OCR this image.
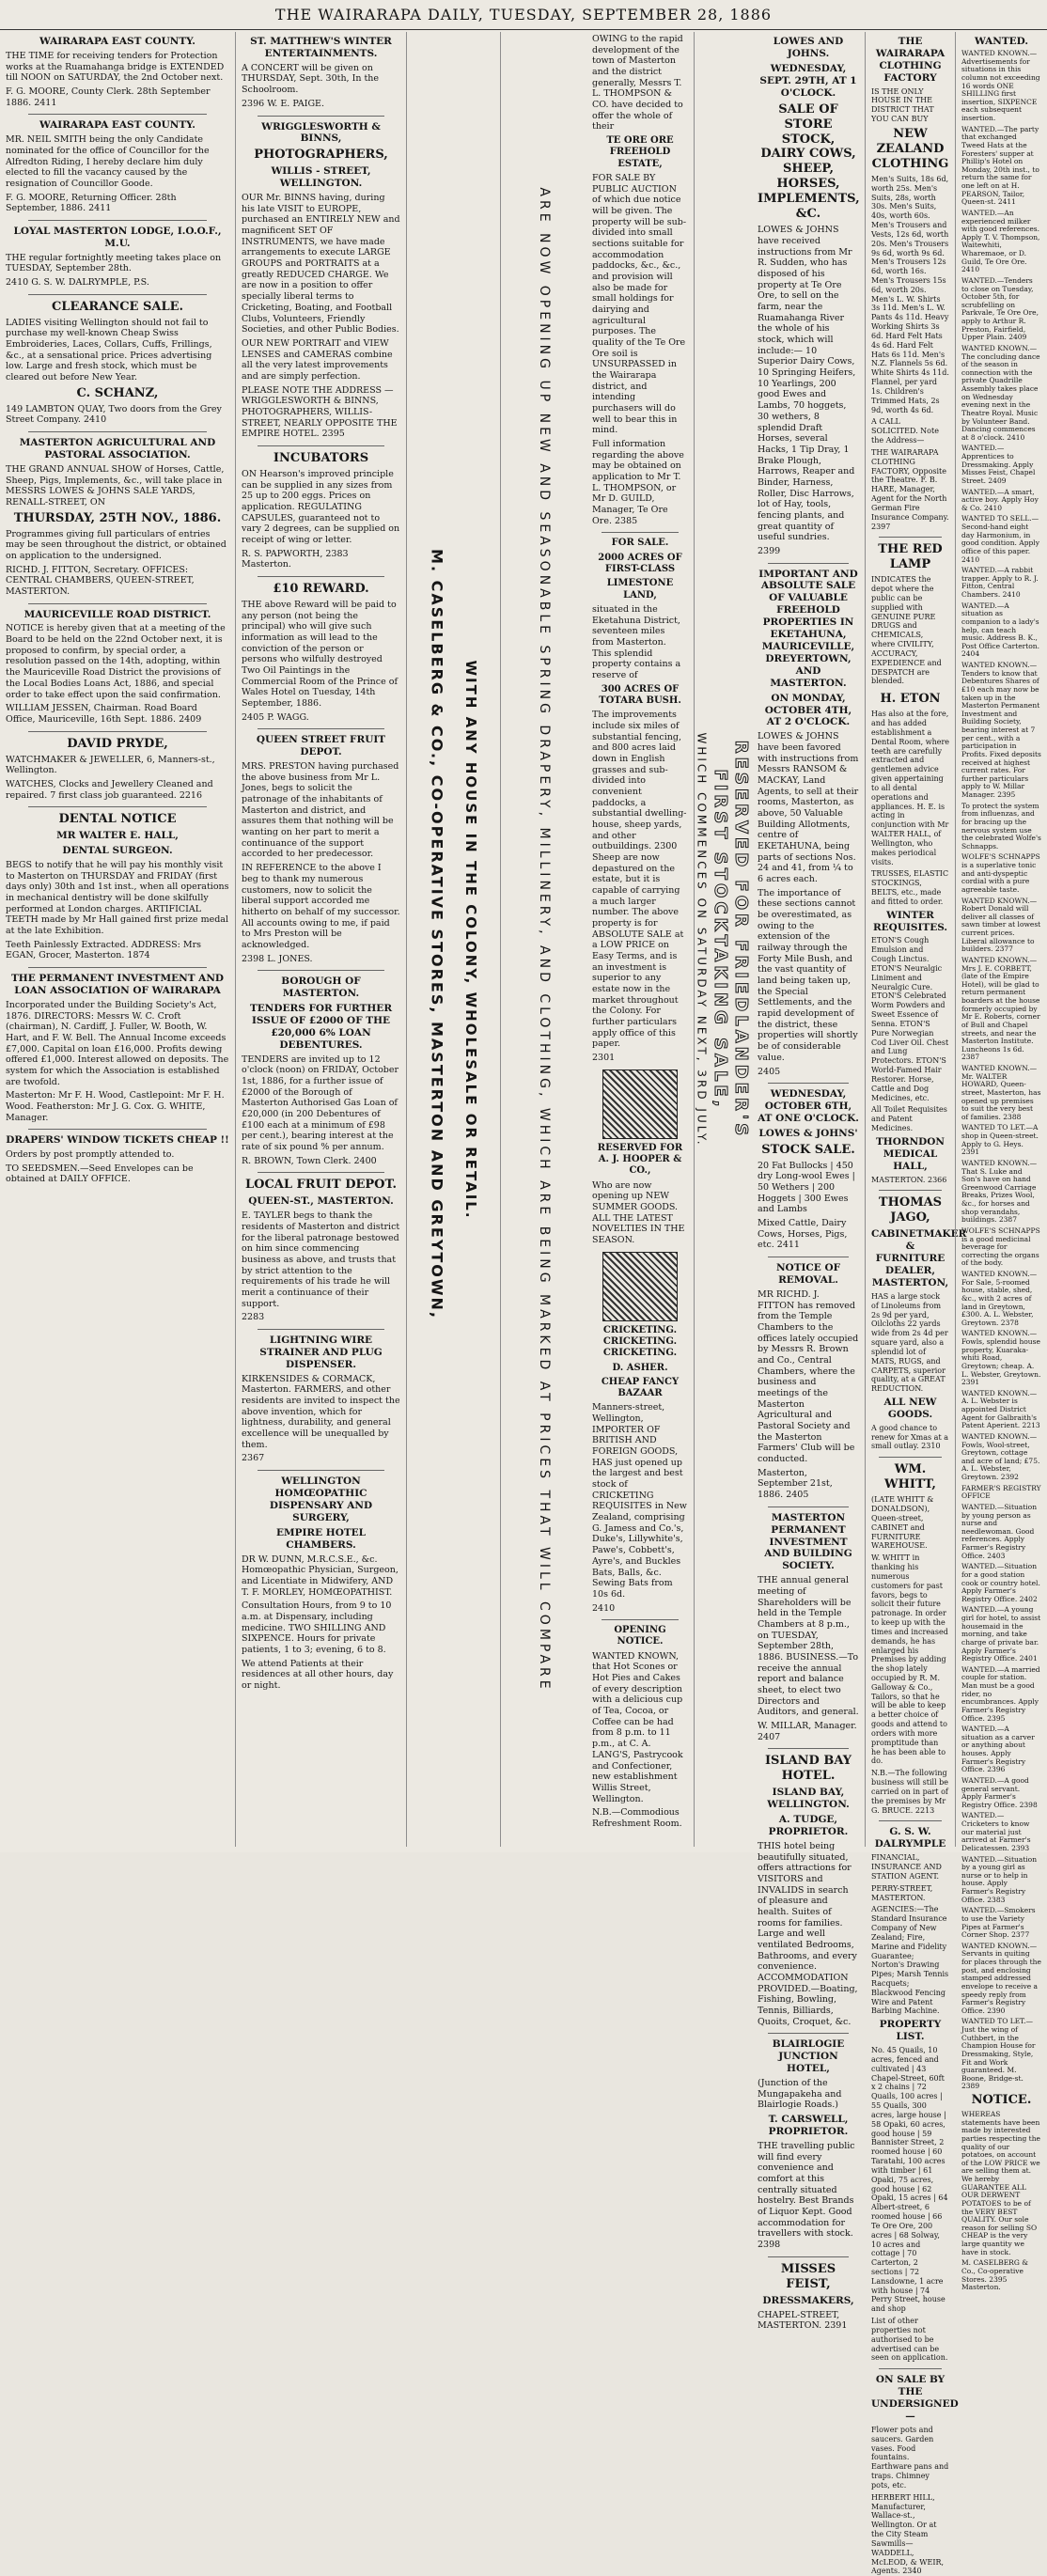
THE WAIRARAPA DAILY, TUESDAY, SEPTEMBER 28, 1886
WAIRARAPA EAST COUNTY.

THE TIME for receiving tenders for Protection works at the Ruamahanga bridge is EXTENDED till NOON on SATURDAY, the 2nd October next.

F. G. MOORE, County Clerk. 28th September 1886. 2411

WAIRARAPA EAST COUNTY.

MR. NEIL SMITH being the only Candidate nominated for the office of Councillor for the Alfredton Riding, I hereby declare him duly elected to fill the vacancy caused by the resignation of Councillor Goode.

F. G. MOORE, Returning Officer. 28th September, 1886. 2411

LOYAL MASTERTON LODGE, I.O.O.F., M.U.

THE regular fortnightly meeting takes place on TUESDAY, September 28th.

2410 G. S. W. DALRYMPLE, P.S.

CLEARANCE SALE.

LADIES visiting Wellington should not fail to purchase my well-known Cheap Swiss Embroideries, Laces, Collars, Cuffs, Frillings, &c., at a sensational price. Prices advertising low. Large and fresh stock, which must be cleared out before New Year.

C. SCHANZ,

149 LAMBTON QUAY, Two doors from the Grey Street Company. 2410

MASTERTON AGRICULTURAL AND PASTORAL ASSOCIATION.

THE GRAND ANNUAL SHOW of Horses, Cattle, Sheep, Pigs, Implements, &c., will take place in MESSRS LOWES & JOHNS SALE YARDS, RENALL-STREET, ON

THURSDAY, 25TH NOV., 1886.

Programmes giving full particulars of entries may be seen throughout the district, or obtained on application to the undersigned.

RICHD. J. FITTON, Secretary. OFFICES: CENTRAL CHAMBERS, QUEEN-STREET, MASTERTON.

MAURICEVILLE ROAD DISTRICT.

NOTICE is hereby given that at a meeting of the Board to be held on the 22nd October next, it is proposed to confirm, by special order, a resolution passed on the 14th, adopting, within the Mauriceville Road District the provisions of the Local Bodies Loans Act, 1886, and special order to take effect upon the said confirmation.

WILLIAM JESSEN, Chairman. Road Board Office, Mauriceville, 16th Sept. 1886. 2409

DAVID PRYDE,

WATCHMAKER & JEWELLER, 6, Manners-st., Wellington.

WATCHES, Clocks and Jewellery Cleaned and repaired. 7 first class job guaranteed. 2216

DENTAL NOTICE
MR WALTER E. HALL,
DENTAL SURGEON.

BEGS to notify that he will pay his monthly visit to Masterton on THURSDAY and FRIDAY (first days only) 30th and 1st inst., when all operations in mechanical dentistry will be done skilfully performed at London charges. ARTIFICIAL TEETH made by Mr Hall gained first prize medal at the late Exhibition.

Teeth Painlessly Extracted. ADDRESS: Mrs EGAN, Grocer, Masterton. 1874

THE PERMANENT INVESTMENT AND LOAN ASSOCIATION OF WAIRARAPA

Incorporated under the Building Society's Act, 1876. DIRECTORS: Messrs W. C. Croft (chairman), N. Cardiff, J. Fuller, W. Booth, W. Hart, and F. W. Bell. The Annual Income exceeds £7,000. Capital on loan £16,000. Profits dewing offered £1,000. Interest allowed on deposits. The system for which the Association is established are twofold.

Masterton: Mr F. H. Wood, Castlepoint: Mr F. H. Wood. Featherston: Mr J. G. Cox. G. WHITE, Manager.

DRAPERS' WINDOW TICKETS CHEAP !!

Orders by post promptly attended to.

TO SEEDSMEN.—Seed Envelopes can be obtained at DAILY OFFICE.

ST. MATTHEW'S WINTER ENTERTAINMENTS.

A CONCERT will be given on THURSDAY, Sept. 30th, In the Schoolroom.

2396 W. E. PAIGE.

WRIGGLESWORTH & BINNS,
PHOTOGRAPHERS,
WILLIS - STREET, WELLINGTON.

OUR Mr. BINNS having, during his late VISIT to EUROPE, purchased an ENTIRELY NEW and magnificent SET OF INSTRUMENTS, we have made arrangements to execute LARGE GROUPS and PORTRAITS at a greatly REDUCED CHARGE. We are now in a position to offer specially liberal terms to Cricketing, Boating, and Football Clubs, Volunteers, Friendly Societies, and other Public Bodies.

OUR NEW PORTRAIT and VIEW LENSES and CAMERAS combine all the very latest improvements and are simply perfection.

PLEASE NOTE THE ADDRESS — WRIGGLESWORTH & BINNS, PHOTOGRAPHERS, WILLIS-STREET, NEARLY OPPOSITE THE EMPIRE HOTEL. 2395

INCUBATORS

ON Hearson's improved principle can be supplied in any sizes from 25 up to 200 eggs. Prices on application. REGULATING CAPSULES, guaranteed not to vary 2 degrees, can be supplied on receipt of wing or letter.

R. S. PAPWORTH, 2383 Masterton.

£10 REWARD.

THE above Reward will be paid to any person (not being the principal) who will give such information as will lead to the conviction of the person or persons who wilfully destroyed Two Oil Paintings in the Commercial Room of the Prince of Wales Hotel on Tuesday, 14th September, 1886.

2405 P. WAGG.

QUEEN STREET FRUIT DEPOT.

MRS. PRESTON having purchased the above business from Mr L. Jones, begs to solicit the patronage of the inhabitants of Masterton and district, and assures them that nothing will be wanting on her part to merit a continuance of the support accorded to her predecessor.

IN REFERENCE to the above I beg to thank my numerous customers, now to solicit the liberal support accorded me hitherto on behalf of my successor. All accounts owing to me, if paid to Mrs Preston will be acknowledged.

2398 L. JONES.

BOROUGH OF MASTERTON.
TENDERS FOR FURTHER ISSUE OF £2000 OF THE £20,000 6% LOAN DEBENTURES.

TENDERS are invited up to 12 o'clock (noon) on FRIDAY, October 1st, 1886, for a further issue of £2000 of the Borough of Masterton Authorised Gas Loan of £20,000 (in 200 Debentures of £100 each at a minimum of £98 per cent.), bearing interest at the rate of six pound % per annum.

R. BROWN, Town Clerk. 2400

LOCAL FRUIT DEPOT.
QUEEN-ST., MASTERTON.

E. TAYLER begs to thank the residents of Masterton and district for the liberal patronage bestowed on him since commencing business as above, and trusts that by strict attention to the requirements of his trade he will merit a continuance of their support.

2283

LIGHTNING WIRE STRAINER AND PLUG DISPENSER.

KIRKENSIDES & CORMACK, Masterton. FARMERS, and other residents are invited to inspect the above invention, which for lightness, durability, and general excellence will be unequalled by them.

2367

WELLINGTON HOMŒOPATHIC DISPENSARY AND SURGERY,
EMPIRE HOTEL CHAMBERS.

DR W. DUNN, M.R.C.S.E., &c. Homœopathic Physician, Surgeon, and Licentiate in Midwifery, AND T. F. MORLEY, HOMŒOPATHIST.

Consultation Hours, from 9 to 10 a.m. at Dispensary, including medicine. TWO SHILLING AND SIXPENCE. Hours for private patients, 1 to 3; evening, 6 to 8.

We attend Patients at their residences at all other hours, day or night.

M. CASELBERG & CO., CO-OPERATIVE STORES, MASTERTON AND GREYTOWN, WITH ANY HOUSE IN THE COLONY, WHOLESALE OR RETAIL.	ARE NOW OPENING UP NEW AND SEASONABLE SPRING DRAPERY, MILLINERY, AND CLOTHING, WHICH ARE BEING MARKED AT PRICES THAT WILL COMPARE

OWING to the rapid development of the town of Masterton and the district generally, Messrs T. L. THOMPSON & CO. have decided to offer the whole of their

TE ORE ORE FREEHOLD ESTATE,

FOR SALE BY PUBLIC AUCTION of which due notice will be given. The property will be sub-divided into small sections suitable for accommodation paddocks, &c., &c., and provision will also be made for small holdings for dairying and agricultural purposes. The quality of the Te Ore Ore soil is UNSURPASSED in the Wairarapa district, and intending purchasers will do well to bear this in mind.

Full information regarding the above may be obtained on application to Mr T. L. THOMPSON, or Mr D. GUILD, Manager, Te Ore Ore. 2385

FOR SALE.
2000 ACRES OF FIRST-CLASS
LIMESTONE LAND,

situated in the Eketahuna District, seventeen miles from Masterton. This splendid property contains a reserve of

300 ACRES OF TOTARA BUSH.

The improvements include six miles of substantial fencing, and 800 acres laid down in English grasses and sub-divided into convenient paddocks, a substantial dwelling-house, sheep yards, and other outbuildings. 2300 Sheep are now depastured on the estate, but it is capable of carrying a much larger number. The above property is for ABSOLUTE SALE at a LOW PRICE on Easy Terms, and is an investment is superior to any estate now in the market throughout the Colony. For further particulars apply office of this paper.

2301

RESERVED FOR A. J. HOOPER & CO.,

Who are now opening up NEW SUMMER GOODS. ALL THE LATEST NOVELTIES IN THE SEASON.

CRICKETING. CRICKETING. CRICKETING.
D. ASHER.
CHEAP FANCY BAZAAR

Manners-street, Wellington, IMPORTER OF BRITISH AND FOREIGN GOODS, HAS just opened up the largest and best stock of CRICKETING REQUISITES in New Zealand, comprising G. Jamess and Co.'s, Duke's, Lillywhite's, Pawe's, Cobbett's, Ayre's, and Buckles Bats, Balls, &c. Sewing Bats from 10s 6d.

2410

OPENING NOTICE.

WANTED KNOWN, that Hot Scones or Hot Pies and Cakes of every description with a delicious cup of Tea, Cocoa, or Coffee can be had from 8 p.m. to 11 p.m., at C. A. LANG'S, Pastrycook and Confectioner, new establishment Willis Street, Wellington.

N.B.—Commodious Refreshment Room.

LOWES AND JOHNS.
WEDNESDAY, SEPT. 29TH, AT 1 O'CLOCK.
SALE OF STORE STOCK, DAIRY COWS, SHEEP, HORSES, IMPLEMENTS, &C.

LOWES & JOHNS have received instructions from Mr R. Sudden, who has disposed of his property at Te Ore Ore, to sell on the farm, near the Ruamahanga River the whole of his stock, which will include:— 10 Superior Dairy Cows, 10 Springing Heifers, 10 Yearlings, 200 good Ewes and Lambs, 70 hoggets, 30 wethers, 8 splendid Draft Horses, several Hacks, 1 Tip Dray, 1 Brake Plough, Harrows, Reaper and Binder, Harness, Roller, Disc Harrows, lot of Hay, tools, fencing plants, and great quantity of useful sundries.

2399

IMPORTANT AND ABSOLUTE SALE OF VALUABLE FREEHOLD PROPERTIES IN EKETAHUNA, MAURICEVILLE, DREYERTOWN, AND MASTERTON.
ON MONDAY, OCTOBER 4TH, AT 2 O'CLOCK.

LOWES & JOHNS have been favored with instructions from Messrs RANSOM & MACKAY, Land Agents, to sell at their rooms, Masterton, as above, 50 Valuable Building Allotments, centre of EKETAHUNA, being parts of sections Nos. 24 and 41, from ¼ to 6 acres each.

The importance of these sections cannot be overestimated, as owing to the extension of the railway through the Forty Mile Bush, and the vast quantity of land being taken up, the Special Settlements, and the rapid development of the district, these properties will shortly be of considerable value.

2405

WEDNESDAY, OCTOBER 6TH, AT ONE O'CLOCK.
LOWES & JOHNS'
STOCK SALE.

20 Fat Bullocks | 450 dry Long-wool Ewes | 50 Wethers | 200 Hoggets | 300 Ewes and Lambs

Mixed Cattle, Dairy Cows, Horses, Pigs, etc. 2411

NOTICE OF REMOVAL.

MR RICHD. J. FITTON has removed from the Temple Chambers to the offices lately occupied by Messrs R. Brown and Co., Central Chambers, where the business and meetings of the Masterton Agricultural and Pastoral Society and the Masterton Farmers' Club will be conducted.

Masterton, September 21st, 1886. 2405

MASTERTON PERMANENT INVESTMENT AND BUILDING SOCIETY.

THE annual general meeting of Shareholders will be held in the Temple Chambers at 8 p.m., on TUESDAY, September 28th, 1886. BUSINESS.—To receive the annual report and balance sheet, to elect two Directors and Auditors, and general.

W. MILLAR, Manager. 2407

ISLAND BAY HOTEL.
ISLAND BAY, WELLINGTON.
A. TUDGE, PROPRIETOR.

THIS hotel being beautifully situated, offers attractions for VISITORS and INVALIDS in search of pleasure and health. Suites of rooms for families. Large and well ventilated Bedrooms, Bathrooms, and every convenience. ACCOMMODATION PROVIDED.—Boating, Fishing, Bowling, Tennis, Billiards, Quoits, Croquet, &c.

BLAIRLOGIE JUNCTION HOTEL,

(Junction of the Mungapakeha and Blairlogie Roads.)

T. CARSWELL, PROPRIETOR.

THE travelling public will find every convenience and comfort at this centrally situated hostelry. Best Brands of Liquor Kept. Good accommodation for travellers with stock. 2398

MISSES FEIST,
DRESSMAKERS,

CHAPEL-STREET, MASTERTON. 2391

THE WAIRARAPA CLOTHING FACTORY

IS THE ONLY HOUSE IN THE DISTRICT THAT YOU CAN BUY

NEW ZEALAND CLOTHING

Men's Suits, 18s 6d, worth 25s. Men's Suits, 28s, worth 30s. Men's Suits, 40s, worth 60s. Men's Trousers and Vests, 12s 6d, worth 20s. Men's Trousers 9s 6d, worth 9s 6d. Men's Trousers 12s 6d, worth 16s. Men's Trousers 15s 6d, worth 20s. Men's L. W. Shirts 3s 11d. Men's L. W. Pants 4s 11d. Heavy Working Shirts 3s 6d. Hard Felt Hats 4s 6d. Hard Felt Hats 6s 11d. Men's N.Z. Flannels 5s 6d. White Shirts 4s 11d. Flannel, per yard 1s. Children's Trimmed Hats, 2s 9d, worth 4s 6d.

A CALL SOLICITED. Note the Address—

THE WAIRARAPA CLOTHING FACTORY, Opposite the Theatre. F. B. HARE, Manager, Agent for the North German Fire Insurance Company. 2397

THE RED LAMP

INDICATES the depot where the public can be supplied with GENUINE PURE DRUGS and CHEMICALS, where CIVILITY, ACCURACY, EXPEDIENCE and DESPATCH are blended.

H. ETON

Has also at the fore, and has added establishment a Dental Room, where teeth are carefully extracted and gentlemen advice given appertaining to all dental operations and appliances. H. E. is acting in conjunction with Mr WALTER HALL, of Wellington, who makes periodical visits.

TRUSSES, ELASTIC STOCKINGS, BELTS, etc., made and fitted to order.

WINTER REQUISITES.

ETON'S Cough Emulsion and Cough Linctus. ETON'S Neuralgic Liniment and Neuralgic Cure. ETON'S Celebrated Worm Powders and Sweet Essence of Senna. ETON'S Pure Norwegian Cod Liver Oil. Chest and Lung Protectors. ETON'S World-Famed Hair Restorer. Horse, Cattle and Dog Medicines, etc.

All Toilet Requisites and Patent Medicines.

THORNDON MEDICAL HALL,

MASTERTON. 2366

THOMAS JAGO,
CABINETMAKER & FURNITURE DEALER, MASTERTON,

HAS a large stock of Linoleums from 2s 9d per yard, Oilcloths 22 yards wide from 2s 4d per square yard, also a splendid lot of MATS, RUGS, and CARPETS, superior quality, at a GREAT REDUCTION.

ALL NEW GOODS.

A good chance to renew for Xmas at a small outlay. 2310

WM. WHITT,

(LATE WHITT & DONALDSON), Queen-street, CABINET and FURNITURE WAREHOUSE.

W. WHITT in thanking his numerous customers for past favors, begs to solicit their future patronage. In order to keep up with the times and increased demands, he has enlarged his Premises by adding the shop lately occupied by R. M. Galloway & Co., Tailors, so that he will be able to keep a better choice of goods and attend to orders with more promptitude than he has been able to do.

N.B.—The following business will still be carried on in part of the premises by Mr G. BRUCE. 2213

G. S. W. DALRYMPLE

FINANCIAL, INSURANCE AND STATION AGENT.

PERRY-STREET, MASTERTON.

AGENCIES:—The Standard Insurance Company of New Zealand; Fire, Marine and Fidelity Guarantee; Norton's Drawing Pipes; Marsh Tennis Racquets; Blackwood Fencing Wire and Patent Barbing Machine.

PROPERTY LIST.

No. 45 Quails, 10 acres, fenced and cultivated | 43 Chapel-Street, 60ft x 2 chains | 72 Quails, 100 acres | 55 Quails, 300 acres, large house | 58 Opaki, 60 acres, good house | 59 Bannister Street, 2 roomed house | 60 Taratahi, 100 acres with timber | 61 Opaki, 75 acres, good house | 62 Opaki, 15 acres | 64 Albert-street, 6 roomed house | 66 Te Ore Ore, 200 acres | 68 Solway, 10 acres and cottage | 70 Carterton, 2 sections | 72 Lansdowne, 1 acre with house | 74 Perry Street, house and shop

List of other properties not authorised to be advertised can be seen on application.

ON SALE BY THE UNDERSIGNED—

Flower pots and saucers. Garden vases. Food fountains. Earthware pans and traps. Chimney pots, etc.

HERBERT HILL, Manufacturer, Wallace-st., Wellington. Or at the City Steam Sawmills— WADDELL, McLEOD, & WEIR, Agents. 2340

RESERVED FOR FRIEDLANDER'S
FIRST STOCKTAKING SALE,
WHICH COMMENCES ON SATURDAY NEXT, 3RD JULY.
WANTED.

WANTED KNOWN.—Advertisements for situations in this column not exceeding 16 words ONE SHILLING first insertion, SIXPENCE each subsequent insertion.

WANTED.—The party that exchanged Tweed Hats at the Foresters' supper at Phillip's Hotel on Monday, 20th inst., to return the same for one left on at H. PEARSON, Tailor, Queen-st. 2411

WANTED.—An experienced milker with good references. Apply T. V. Thompson, Waitewhiti, Wharemaoe, or D. Guild, Te Ore Ore. 2410

WANTED.—Tenders to close on Tuesday, October 5th, for scrubfelling on Parkvale, Te Ore Ore, apply to Arthur R. Preston, Fairfield, Upper Plain. 2409

WANTED KNOWN.—The concluding dance of the season in connection with the private Quadrille Assembly takes place on Wednesday evening next in the Theatre Royal. Music by Volunteer Band. Dancing commences at 8 o'clock. 2410

WANTED.—Apprentices to Dressmaking. Apply Misses Feist, Chapel Street. 2409

WANTED.—A smart, active boy. Apply Hoy & Co. 2410

WANTED TO SELL.—Second-hand eight day Harmonium, in good condition. Apply office of this paper. 2410

WANTED.—A rabbit trapper. Apply to R. J. Fitton, Central Chambers. 2410

WANTED.—A situation as companion to a lady's help, can teach music. Address B. K., Post Office Carterton. 2404

WANTED KNOWN.—Tenders to know that Debentures Shares of £10 each may now be taken up in the Masterton Permanent Investment and Building Society, bearing interest at 7 per cent., with a participation in Profits. Fixed deposits received at highest current rates. For further particulars apply to W. Millar Manager. 2395

To protect the system from influenzas, and for bracing up the nervous system use the celebrated Wolfe's Schnapps.

WOLFE'S SCHNAPPS is a superlative tonic and anti-dyspeptic cordial with a pure agreeable taste.

WANTED KNOWN.—Robert Donald will deliver all classes of sawn timber at lowest current prices. Liberal allowance to builders. 2377

WANTED KNOWN.—Mrs J. E. CORBETT, (late of the Empire Hotel), will be glad to return permanent boarders at the house formerly occupied by Mr E. Roberts, corner of Bull and Chapel streets, and near the Masterton Institute. Luncheons 1s 6d. 2387

WANTED KNOWN.—Mr. WALTER HOWARD, Queen-street, Masterton, has opened up premises to suit the very best of families. 2388

WANTED TO LET.—A shop in Queen-street. Apply to G. Heys. 2391

WANTED KNOWN.—That S. Luke and Son's have on hand Greenwood Carriage Breaks, Prizes Wool, &c., for horses and shop verandahs, buildings. 2387

WOLFE'S SCHNAPPS is a good medicinal beverage for correcting the organs of the body.

WANTED KNOWN.—For Sale, 5-roomed house, stable, shed, &c., with 2 acres of land in Greytown, £300. A. L. Webster, Greytown. 2378

WANTED KNOWN.—Fowls, splendid house property, Kuaraka-whiti Road, Greytown; cheap. A. L. Webster, Greytown. 2391

WANTED KNOWN.—A. L. Webster is appointed District Agent for Galbraith's Patent Aperient. 2213

WANTED KNOWN.—Fowls, Wool-street, Greytown, cottage and acre of land; £75. A. L. Webster, Greytown. 2392

FARMER'S REGISTRY OFFICE

WANTED.—Situation by young person as nurse and needlewoman. Good references. Apply Farmer's Registry Office. 2403

WANTED.—Situation for a good station cook or country hotel. Apply Farmer's Registry Office. 2402

WANTED.—A young girl for hotel, to assist housemaid in the morning, and take charge of private bar. Apply Farmer's Registry Office. 2401

WANTED.—A married couple for station. Man must be a good rider, no encumbrances. Apply Farmer's Registry Office. 2395

WANTED.—A situation as a carver or anything about houses. Apply Farmer's Registry Office. 2396

WANTED.—A good general servant. Apply Farmer's Registry Office. 2398

WANTED.—Cricketers to know our material just arrived at Farmer's Delicatessen. 2393

WANTED.—Situation by a young girl as nurse or to help in house. Apply Farmer's Registry Office. 2383

WANTED.—Smokers to use the Variety Pipes at Farmer's Corner Shop. 2377

WANTED KNOWN.—Servants in quiting for places through the post, and enclosing stamped addressed envelope to receive a speedy reply from Farmer's Registry Office. 2390

WANTED TO LET.—Just the wing of Cuthbert, in the Champion House for Dressmaking, Style, Fit and Work guaranteed. M. Boone, Bridge-st. 2389

NOTICE.

WHEREAS statements have been made by interested parties respecting the quality of our potatoes, on account of the LOW PRICE we are selling them at. We hereby GUARANTEE ALL OUR DERWENT POTATOES to be of the VERY BEST QUALITY. Our sole reason for selling SO CHEAP is the very large quantity we have in stock.

M. CASELBERG & Co., Co-operative Stores. 2395 Masterton.
